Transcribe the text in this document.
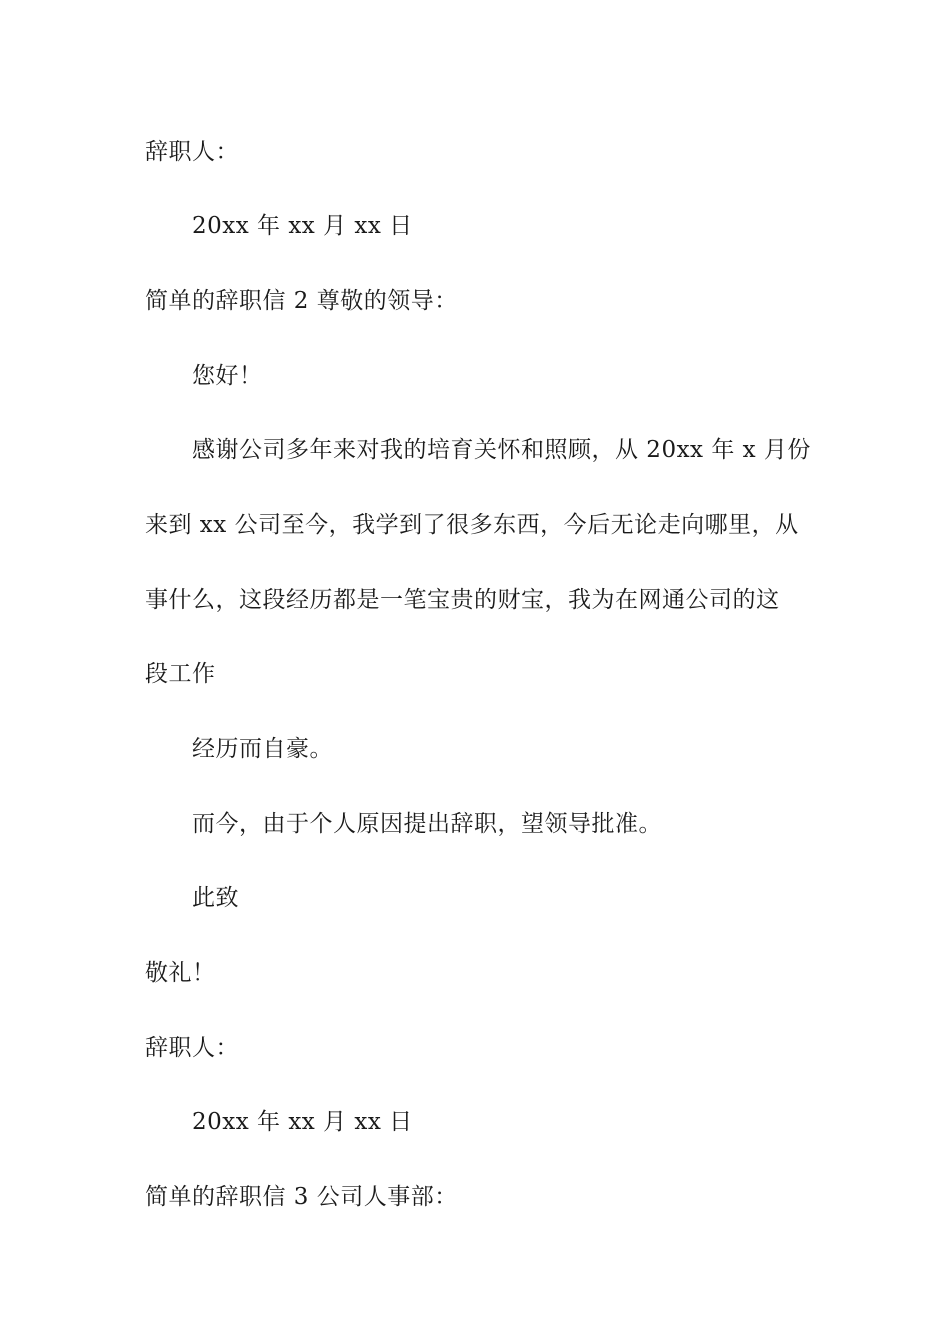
辞职人：

20xx 年 xx 月 xx 日

简单的辞职信 2 尊敬的领导：

您好！

感谢公司多年来对我的培育关怀和照顾，从 20xx 年 x 月份

来到 xx 公司至今，我学到了很多东西，今后无论走向哪里，从

事什么，这段经历都是一笔宝贵的财宝，我为在网通公司的这

段工作

经历而自豪。

而今，由于个人原因提出辞职，望领导批准。

此致

敬礼！

辞职人：

20xx 年 xx 月 xx 日

简单的辞职信 3 公司人事部：
